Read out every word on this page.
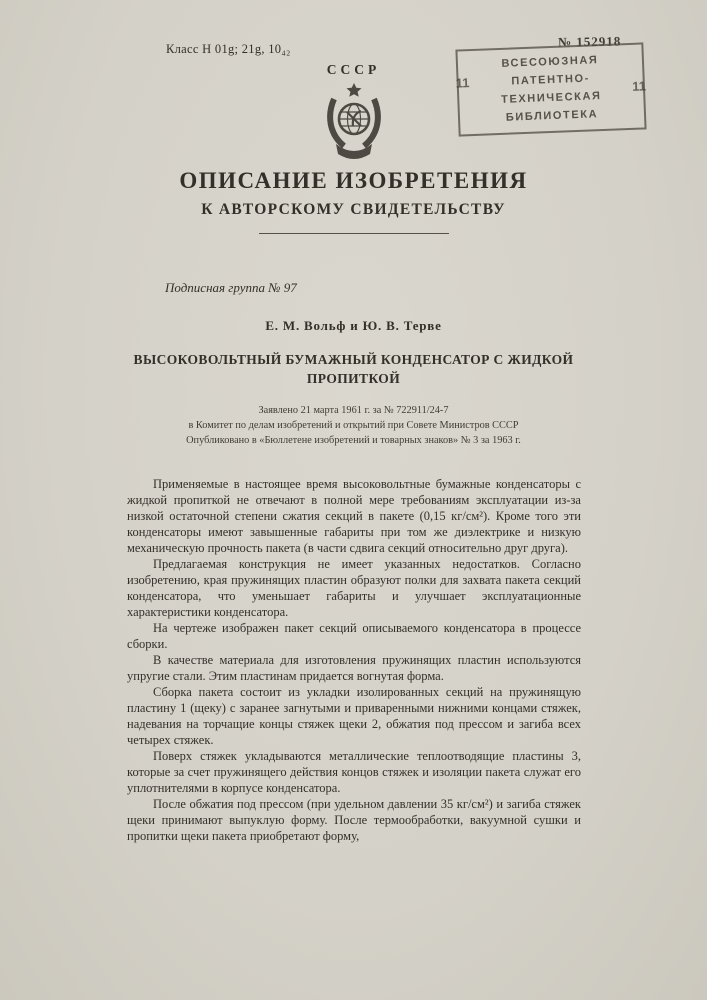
Класс Н 01g; 21g, 10₄₂	№ 152918
11	11
ВСЕСОЮЗНАЯ
ПАТЕНТНО-
ТЕХНИЧЕСКАЯ
БИБЛИОТЕКА
СССР
ОПИСАНИЕ ИЗОБРЕТЕНИЯ
К АВТОРСКОМУ СВИДЕТЕЛЬСТВУ
Подписная группа № 97
Е. М. Вольф и Ю. В. Терве
ВЫСОКОВОЛЬТНЫЙ БУМАЖНЫЙ КОНДЕНСАТОР С ЖИДКОЙ ПРОПИТКОЙ
Заявлено 21 марта 1961 г. за № 722911/24-7
в Комитет по делам изобретений и открытий при Совете Министров СССР
Опубликовано в «Бюллетене изобретений и товарных знаков» № 3 за 1963 г.

Применяемые в настоящее время высоковольтные бумажные конденсаторы с жидкой пропиткой не отвечают в полной мере требованиям эксплуатации из-за низкой остаточной степени сжатия секций в пакете (0,15 кг/см²). Кроме того эти конденсаторы имеют завышенные габариты при том же диэлектрике и низкую механическую прочность пакета (в части сдвига секций относительно друг друга).

Предлагаемая конструкция не имеет указанных недостатков. Согласно изобретению, края пружинящих пластин образуют полки для захвата пакета секций конденсатора, что уменьшает габариты и улучшает эксплуатационные характеристики конденсатора.

На чертеже изображен пакет секций описываемого конденсатора в процессе сборки.

В качестве материала для изготовления пружинящих пластин используются упругие стали. Этим пластинам придается вогнутая форма.

Сборка пакета состоит из укладки изолированных секций на пружинящую пластину 1 (щеку) с заранее загнутыми и приваренными нижними концами стяжек, надевания на торчащие концы стяжек щеки 2, обжатия под прессом и загиба всех четырех стяжек.

Поверх стяжек укладываются металлические теплоотводящие пластины 3, которые за счет пружинящего действия концов стяжек и изоляции пакета служат его уплотнителями в корпусе конденсатора.

После обжатия под прессом (при удельном давлении 35 кг/см²) и загиба стяжек щеки принимают выпуклую форму. После термообработки, вакуумной сушки и пропитки щеки пакета приобретают форму,
